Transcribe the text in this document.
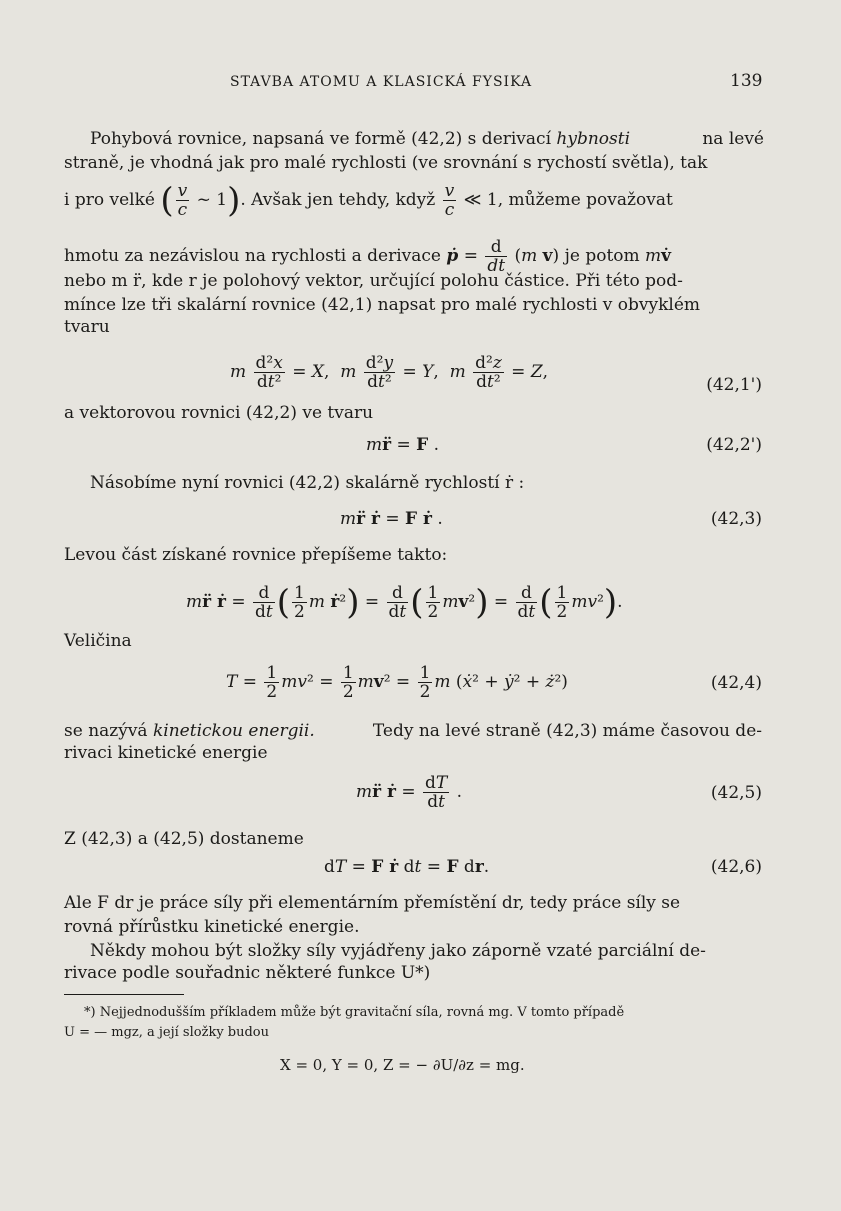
STAVBA ATOMU A KLASICKÁ FYSIKA	139
Pohybová rovnice, napsaná ve formě (42,2) s derivací hybnosti	na levé
straně, je vhodná jak pro malé rychlosti (ve srovnání s rychostí světla), tak
i pro velké ( $\frac{v}{c}$ ~ 1). Avšak jen tehdy, když $\frac{v}{c}$ ≪ 1, můžeme považovat
hmotu za nezávislou na rychlosti a derivace ṗ = $\frac{d}{dt} (m$ v) je potom mv̇
nebo m r̈, kde r je polohový vektor, určující polohu částice. Při této pod-
mínce lze tři skalární rovnice (42,1) napsat pro malé rychlosti v obvyklém
tvaru
m $\frac{\text{d²x}}{\text{dt²}} = X$,  m $\frac{\text{d²y}}{\text{dt²}} = Y$,  m $\frac{\text{d²z}}{\text{dt²}} = Z$,
(42,1')
a vektorovou rovnici (42,2) ve tvaru
mr̈ = F .	(42,2')
Násobíme nyní rovnici (42,2) skalárně rychlostí ṙ :
mr̈ ṙ = F ṙ .	(42,3)
Levou část získané rovnice přepíšeme takto:
mr̈ ṙ = $\frac{d}{dt}$ ( $\frac{1}{2}$ m ṙ²) = $\frac{d}{dt}$ ( $\frac{1}{2} mv^2) = \frac{d}{dt}$ ( $\frac{1}{2} mv^2$).
Veličina
$T = \frac{1}{2} mv^2 = \frac{1}{2} mv^2 = \frac{1}{2}$ m (ẋ² + ẏ² + ż²)	(42,4)
se nazývá kinetickou energii.	Tedy na levé straně (42,3) máme časovou de-
rivaci kinetické energie
mr̈ ṙ = $\frac{dT}{dt}$ .	(42,5)
Z (42,3) a (42,5) dostaneme
dT = F ṙ dt = F dr.	(42,6)
Ale F dr je práce síly při elementárním přemístění dr, tedy práce síly se
rovná přírůstku kinetické energie.
Někdy mohou být složky síly vyjádřeny jako záporně vzaté parciální de-
rivace podle souřadnic některé funkce U*)
*) Nejjednodušším příkladem může být gravitační síla, rovná mg. V tomto případě
U = — mgz, a její složky budou
X = 0, Y = 0, Z = − ∂U/∂z = mg.
